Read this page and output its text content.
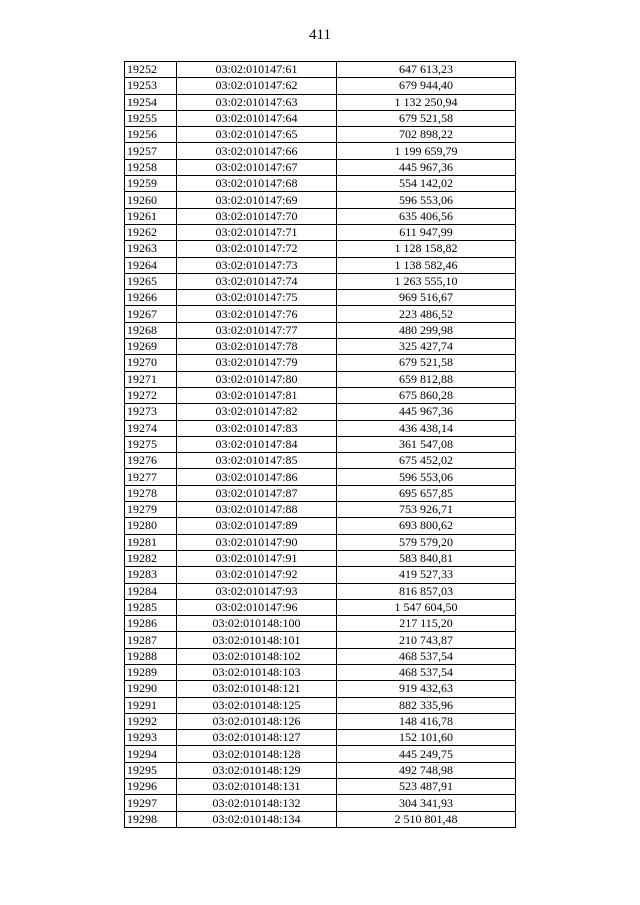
411
19252	03:02:010147:61	647 613,23
19253	03:02:010147:62	679 944,40
19254	03:02:010147:63	1 132 250,94
19255	03:02:010147:64	679 521,58
19256	03:02:010147:65	702 898,22
19257	03:02:010147:66	1 199 659,79
19258	03:02:010147:67	445 967,36
19259	03:02:010147:68	554 142,02
19260	03:02:010147:69	596 553,06
19261	03:02:010147:70	635 406,56
19262	03:02:010147:71	611 947,99
19263	03:02:010147:72	1 128 158,82
19264	03:02:010147:73	1 138 582,46
19265	03:02:010147:74	1 263 555,10
19266	03:02:010147:75	969 516,67
19267	03:02:010147:76	223 486,52
19268	03:02:010147:77	480 299,98
19269	03:02:010147:78	325 427,74
19270	03:02:010147:79	679 521,58
19271	03:02:010147:80	659 812,88
19272	03:02:010147:81	675 860,28
19273	03:02:010147:82	445 967,36
19274	03:02:010147:83	436 438,14
19275	03:02:010147:84	361 547,08
19276	03:02:010147:85	675 452,02
19277	03:02:010147:86	596 553,06
19278	03:02:010147:87	695 657,85
19279	03:02:010147:88	753 926,71
19280	03:02:010147:89	693 800,62
19281	03:02:010147:90	579 579,20
19282	03:02:010147:91	583 840,81
19283	03:02:010147:92	419 527,33
19284	03:02:010147:93	816 857,03
19285	03:02:010147:96	1 547 604,50
19286	03:02:010148:100	217 115,20
19287	03:02:010148:101	210 743,87
19288	03:02:010148:102	468 537,54
19289	03:02:010148:103	468 537,54
19290	03:02:010148:121	919 432,63
19291	03:02:010148:125	882 335,96
19292	03:02:010148:126	148 416,78
19293	03:02:010148:127	152 101,60
19294	03:02:010148:128	445 249,75
19295	03:02:010148:129	492 748,98
19296	03:02:010148:131	523 487,91
19297	03:02:010148:132	304 341,93
19298	03:02:010148:134	2 510 801,48
